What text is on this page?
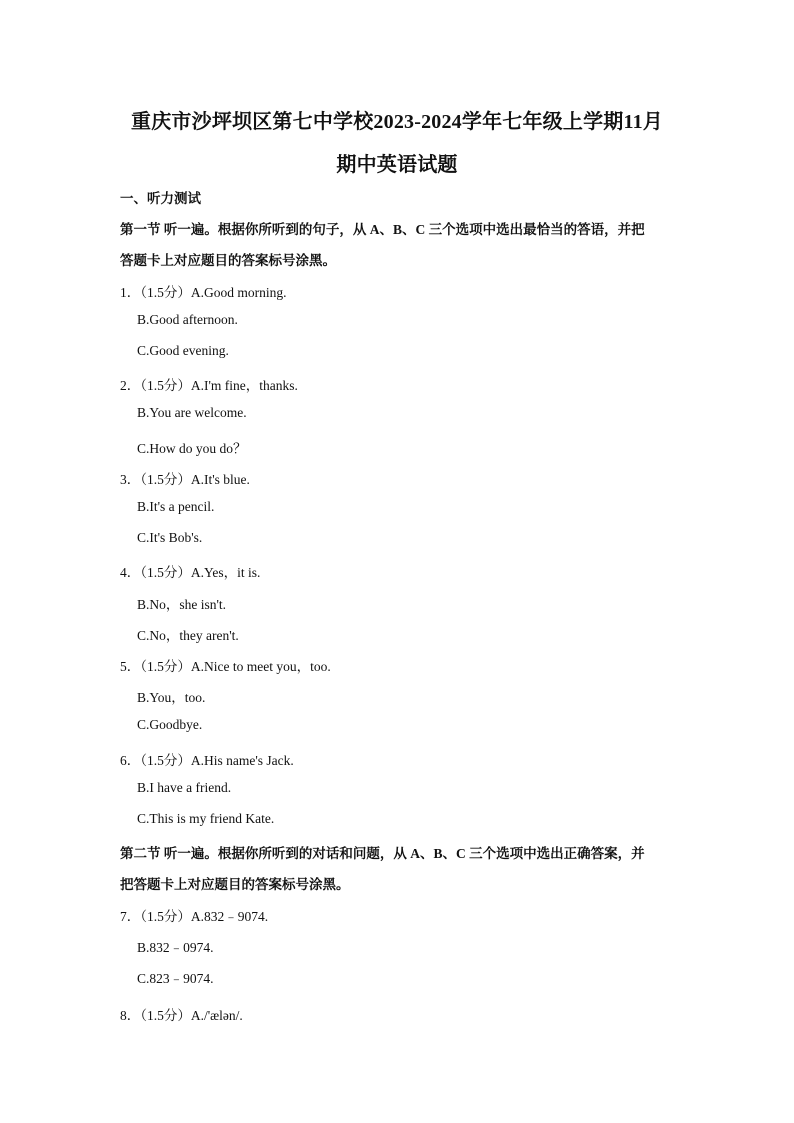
重庆市沙坪坝区第七中学校2023-2024学年七年级上学期11月
期中英语试题
一、听力测试
第一节 听一遍。根据你所听到的句子，从 A、B、C 三个选项中选出最恰当的答语，并把
答题卡上对应题目的答案标号涂黑。
1．（1.5分）A.Good morning.
B.Good afternoon.
C.Good evening.
2．（1.5分）A.I'm fine，thanks.
B.You are welcome.
C.How do you do？
3．（1.5分）A.It's blue.
B.It's a pencil.
C.It's Bob's.
4．（1.5分）A.Yes，it is.
B.No，she isn't.
C.No，they aren't.
5．（1.5分）A.Nice to meet you，too.
B.You，too.
C.Goodbye.
6．（1.5分）A.His name's Jack.
B.I have a friend.
C.This is my friend Kate.
第二节 听一遍。根据你所听到的对话和问题，从 A、B、C 三个选项中选出正确答案，并
把答题卡上对应题目的答案标号涂黑。
7．（1.5分）A.832﹣9074.
B.832﹣0974.
C.823﹣9074.
8．（1.5分）A./'ælən/.
